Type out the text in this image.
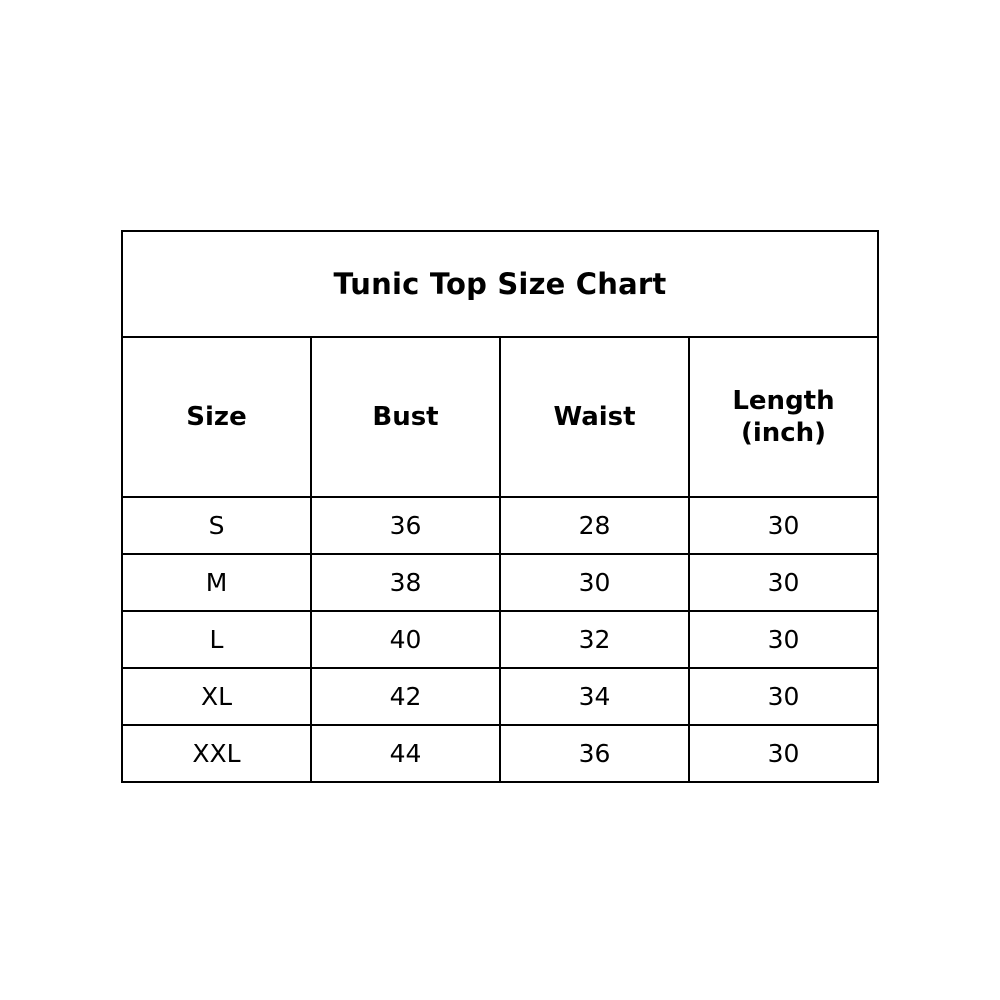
Tunic Top Size Chart			
Size	Bust	Waist	Length
(inch)

S	36	28	30
M	38	30	30
L	40	32	30
XL	42	34	30
XXL	44	36	30
